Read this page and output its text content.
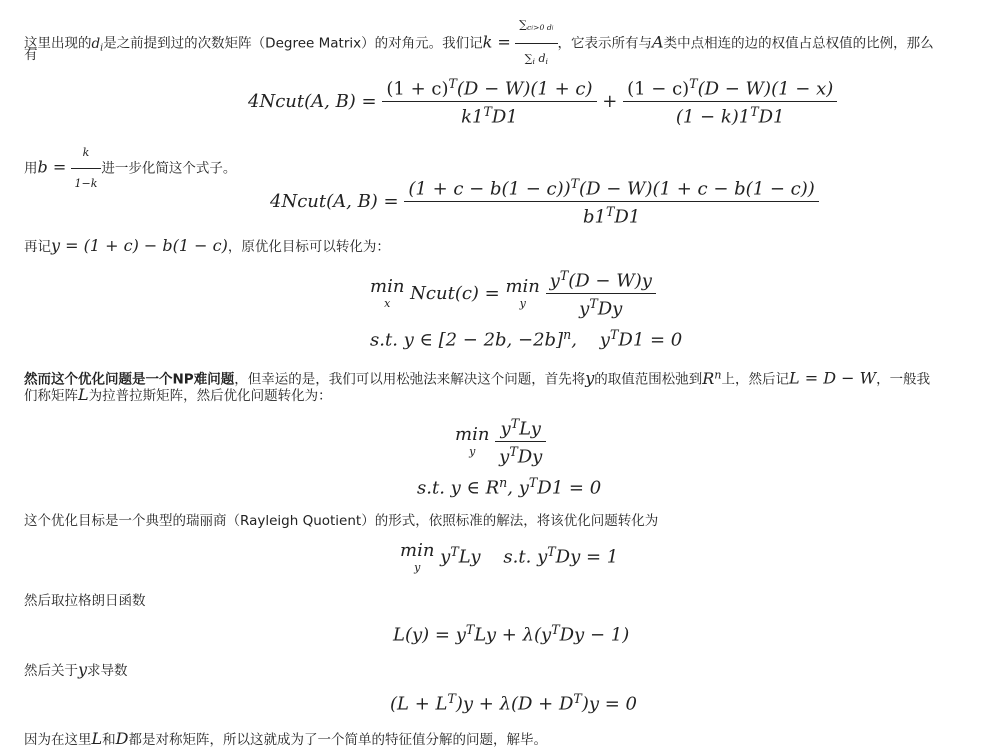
这里出现的$d_i$是之前提到过的次数矩阵（Degree Matrix）的对角元。我们记$k = \frac{\sum_{ci>0 di}}{\sum_i d_i}$ ，它表示所有与A类中点相连的边的权值占总权值的比例，那么
有
4Ncut(A, $B) = \frac{(1 + c)^T(D - W)(1 + c)}{k1^TD1} + \frac{(1 - c)^T(D - W)(1 - x)}{(1 - k)1^TD1}$
用$b = \frac{k}{1-k}$ 进一步化简这个式子。
4Ncut(A, $B) = \frac{(1 + c - b(1 - c))^T(D - W)(1 + c - b(1 - c))}{b1^TD1}$
再记y = (1 + c) − b(1 − c)，原优化目标可以转化为：
min
x	Ncut(c) = min
y
	$\frac{y^T(D - W)y}{y^TDy}$
s.t. y ∈ [2 − 2b, −2b]$^n$,    $y^TD1 = 0$
然而这个优化问题是一个NP难问题，但幸运的是，我们可以用松弛法来解决这个问题，首先将y的取值范围松弛到$R^n$上，然后记L = D − W，一般我
们称矩阵L为拉普拉斯矩阵，然后优化问题转化为：
min
y
	$\frac{y^TLy}{y^TDy}$
s.t. y ∈ $R^n$, $y^TD1 = 0$
这个优化目标是一个典型的瑞丽商（Rayleigh Quotient）的形式，依照标准的解法，将该优化问题转化为
min
y	$y^TLy$    s.t. $y^TDy = 1$
然后取拉格朗日函数
$L(y) = y^TLy + \lambda(y^TDy - 1)$
然后关于y求导数
$(L + L^T)y + \lambda(D + D^T)y = 0$
因为在这里L和D都是对称矩阵，所以这就成为了一个简单的特征值分解的问题，解毕。
